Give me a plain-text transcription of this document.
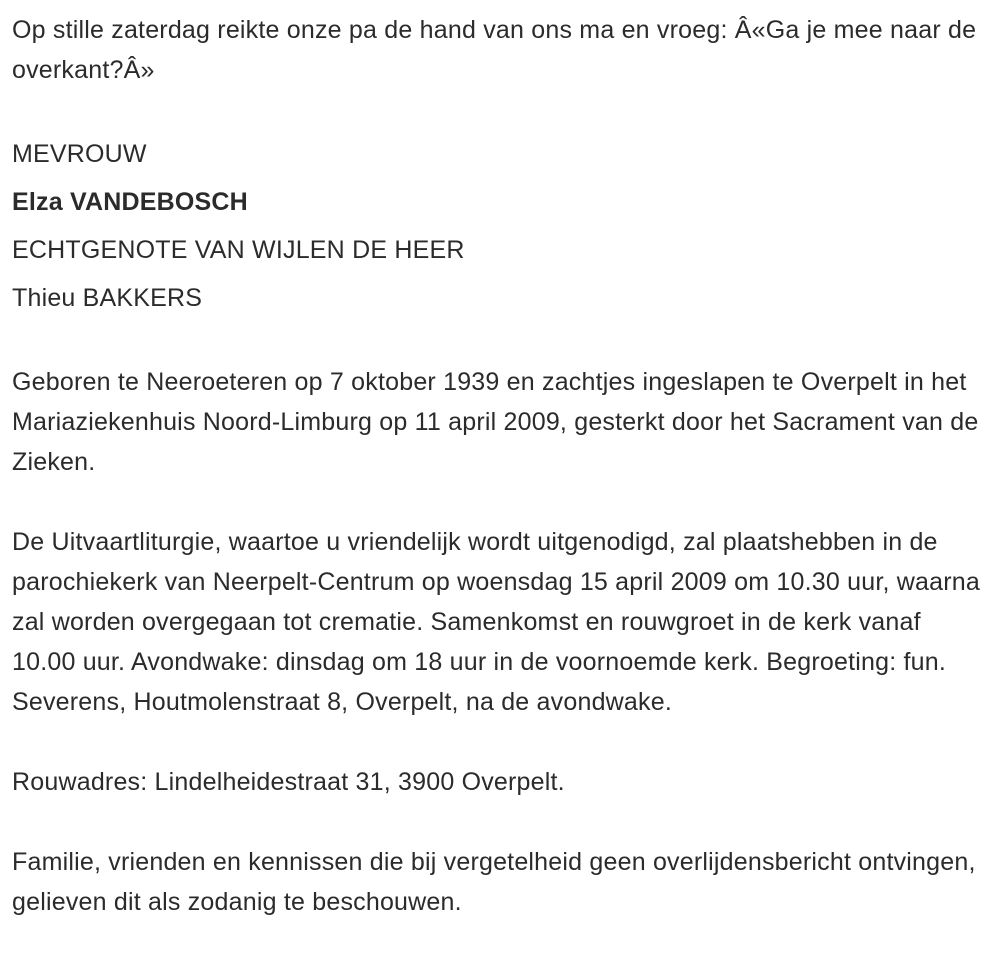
Op stille zaterdag reikte onze pa de hand van ons ma en vroeg: Â«Ga je mee naar de overkant?Â»

MEVROUW
Elza VANDEBOSCH
ECHTGENOTE VAN WIJLEN DE HEER
Thieu BAKKERS

Geboren te Neeroeteren op 7 oktober 1939 en zachtjes ingeslapen te Overpelt in het Mariaziekenhuis Noord-Limburg op 11 april 2009, gesterkt door het Sacrament van de Zieken.

De Uitvaartliturgie, waartoe u vriendelijk wordt uitgenodigd, zal plaatshebben in de parochiekerk van Neerpelt-Centrum op woensdag 15 april 2009 om 10.30 uur, waarna zal worden overgegaan tot crematie. Samenkomst en rouwgroet in de kerk vanaf 10.00 uur. Avondwake: dinsdag om 18 uur in de voornoemde kerk. Begroeting: fun. Severens, Houtmolenstraat 8, Overpelt, na de avondwake.

Rouwadres: Lindelheidestraat 31, 3900 Overpelt.

Familie, vrienden en kennissen die bij vergetelheid geen overlijdensbericht ontvingen, gelieven dit als zodanig te beschouwen.
